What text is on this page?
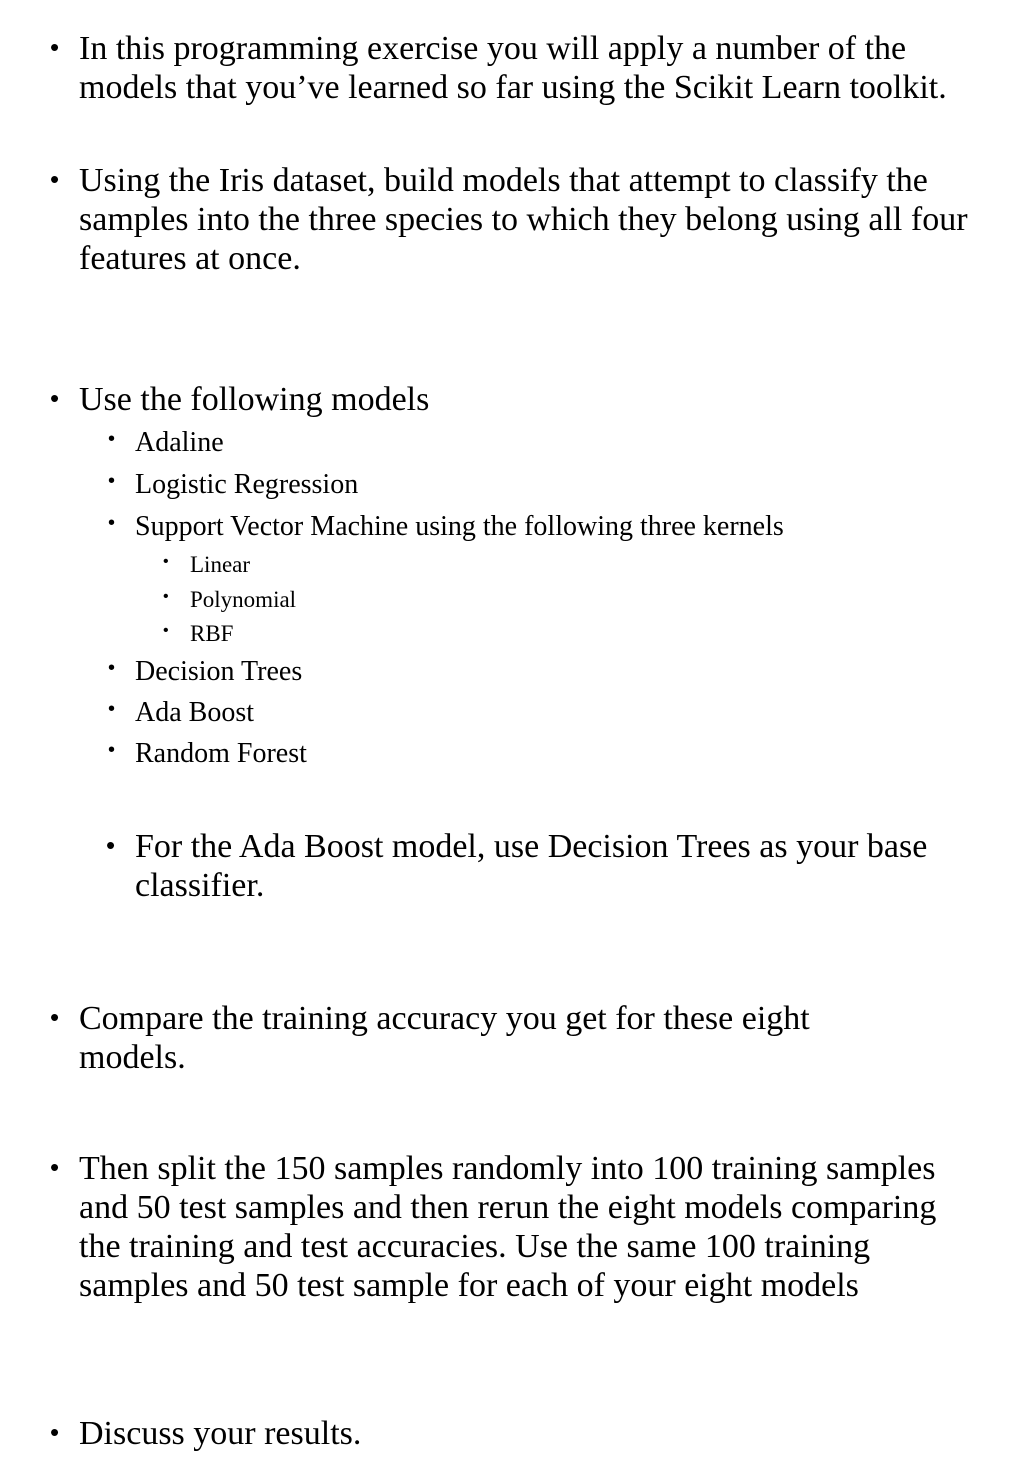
• In this programming exercise you will apply a number of the models that you’ve learned so far using the Scikit Learn toolkit.
• Using the Iris dataset, build models that attempt to classify the samples into the three species to which they belong using all four features at once.
• Use the following models
• Adaline
• Logistic Regression
• Support Vector Machine using the following three kernels
• Linear
• Polynomial
• RBF
• Decision Trees
• Ada Boost
• Random Forest
• For the Ada Boost model, use Decision Trees as your base classifier.
• Compare the training accuracy you get for these eight models.
• Then split the 150 samples randomly into 100 training samples and 50 test samples and then rerun the eight models comparing the training and test accuracies. Use the same 100 training samples and 50 test sample for each of your eight models
• Discuss your results.
